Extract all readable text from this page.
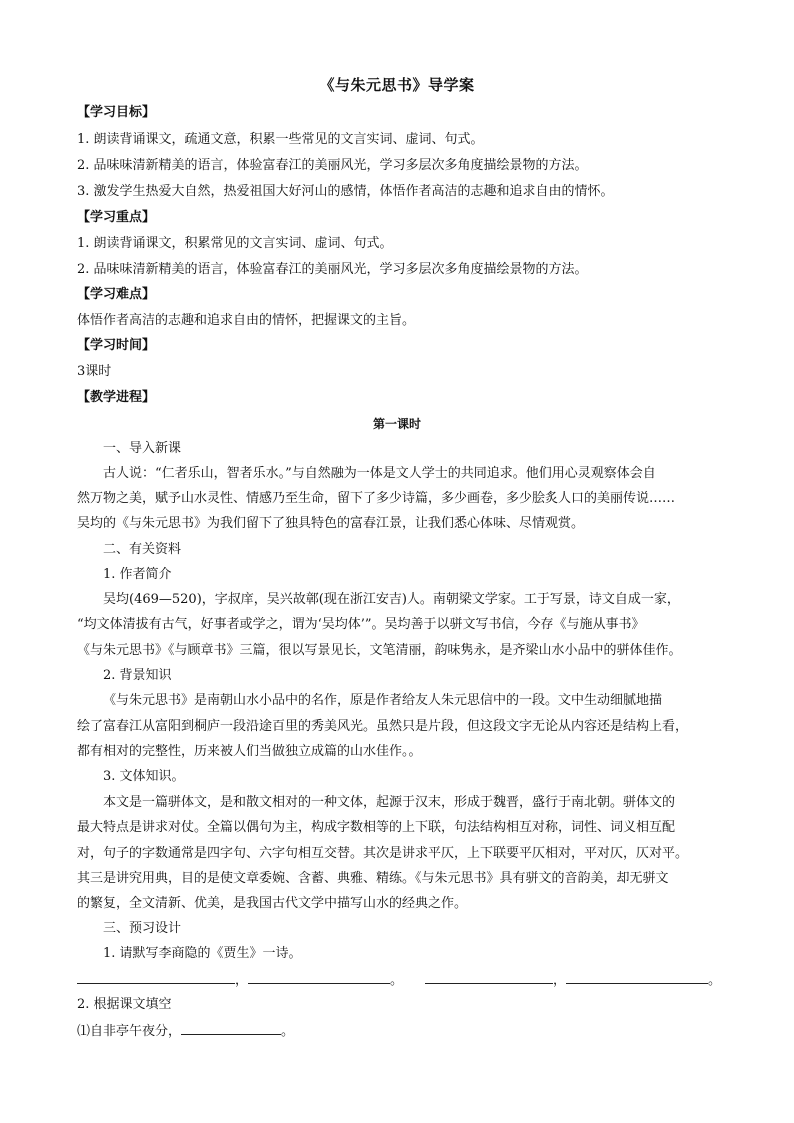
《与朱元思书》导学案
【学习目标】
1. 朗读背诵课文，疏通文意，积累一些常见的文言实词、虚词、句式。
2. 品味味清新精美的语言，体验富春江的美丽风光，学习多层次多角度描绘景物的方法。
3. 激发学生热爱大自然，热爱祖国大好河山的感情，体悟作者高洁的志趣和追求自由的情怀。
【学习重点】
1. 朗读背诵课文，积累常见的文言实词、虚词、句式。
2. 品味味清新精美的语言，体验富春江的美丽风光，学习多层次多角度描绘景物的方法。
【学习难点】
体悟作者高洁的志趣和追求自由的情怀，把握课文的主旨。
【学习时间】
3课时
【教学进程】
第一课时
一、导入新课
古人说：“仁者乐山，智者乐水。”与自然融为一体是文人学士的共同追求。他们用心灵观察体会自
然万物之美，赋予山水灵性、情感乃至生命，留下了多少诗篇，多少画卷，多少脍炙人口的美丽传说……
吴均的《与朱元思书》为我们留下了独具特色的富春江景，让我们悉心体味、尽情观赏。
二、有关资料
1. 作者简介
吴均(469—520)，字叔庠，吴兴故鄣(现在浙江安吉)人。南朝梁文学家。工于写景，诗文自成一家，
“均文体清拔有古气，好事者或学之，谓为‘吴均体’”。吴均善于以骈文写书信，今存《与施从事书》
《与朱元思书》《与顾章书》三篇，很以写景见长，文笔清丽，韵味隽永，是齐梁山水小品中的骈体佳作。
2. 背景知识
《与朱元思书》是南朝山水小品中的名作，原是作者给友人朱元思信中的一段。文中生动细腻地描
绘了富春江从富阳到桐庐一段沿途百里的秀美风光。虽然只是片段，但这段文字无论从内容还是结构上看，
都有相对的完整性，历来被人们当做独立成篇的山水佳作。。
3. 文体知识。
本文是一篇骈体文，是和散文相对的一种文体，起源于汉末，形成于魏晋，盛行于南北朝。骈体文的
最大特点是讲求对仗。全篇以偶句为主，构成字数相等的上下联，句法结构相互对称，词性、词义相互配
对，句子的字数通常是四字句、六字句相互交替。其次是讲求平仄，上下联要平仄相对，平对仄，仄对平。
其三是讲究用典，目的是使文章委婉、含蓄、典雅、精练。《与朱元思书》具有骈文的音韵美，却无骈文
的繁复，全文清新、优美，是我国古代文学中描写山水的经典之作。
三、预习设计
1. 请默写李商隐的《贾生》一诗。
，	。	，	。
2. 根据课文填空
⑴自非亭午夜分，	。
